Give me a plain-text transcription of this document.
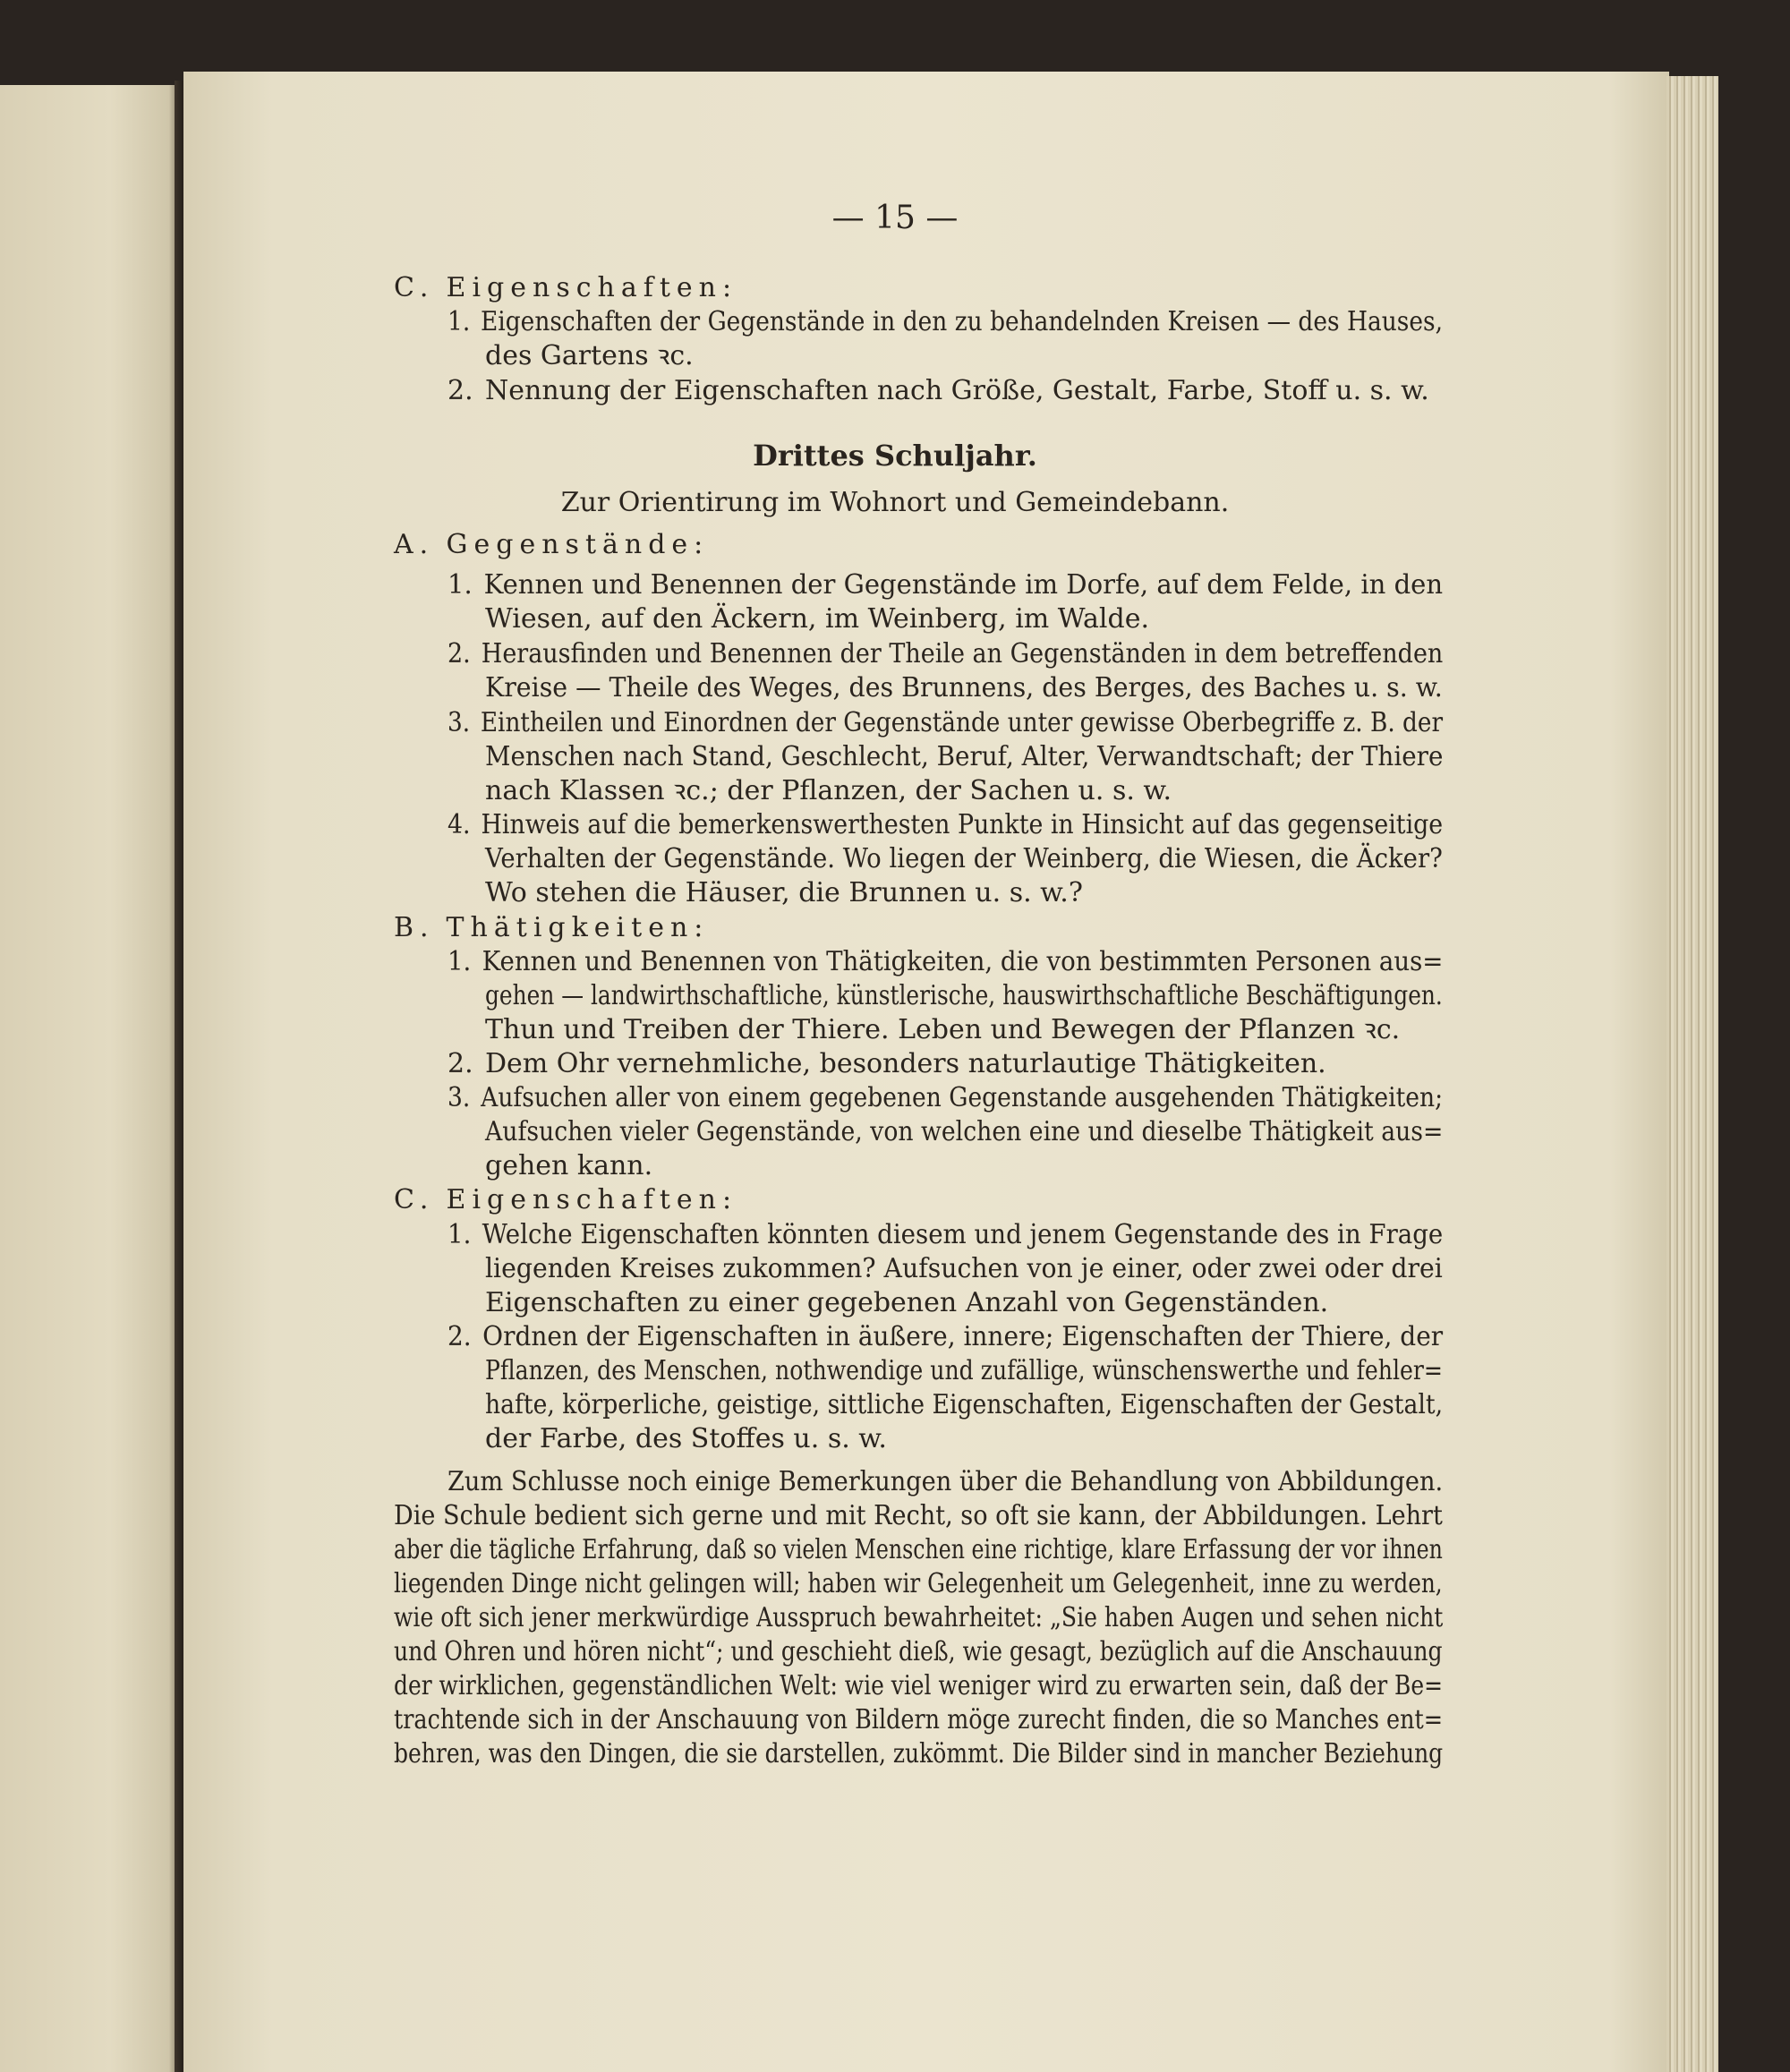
— 15 —
C. Eigenschaften:
1. Eigenschaften der Gegenstände in den zu behandelnden Kreisen — des Hauses,
des Gartens ꝛc.
2. Nennung der Eigenschaften nach Größe, Gestalt, Farbe, Stoff u. s. w.
Drittes Schuljahr.
Zur Orientirung im Wohnort und Gemeindebann.
A. Gegenstände:
1. Kennen und Benennen der Gegenstände im Dorfe, auf dem Felde, in den
Wiesen, auf den Äckern, im Weinberg, im Walde.
2. Herausfinden und Benennen der Theile an Gegenständen in dem betreffenden
Kreise — Theile des Weges, des Brunnens, des Berges, des Baches u. s. w.
3. Eintheilen und Einordnen der Gegenstände unter gewisse Oberbegriffe z. B. der
Menschen nach Stand, Geschlecht, Beruf, Alter, Verwandtschaft; der Thiere
nach Klassen ꝛc.; der Pflanzen, der Sachen u. s. w.
4. Hinweis auf die bemerkenswerthesten Punkte in Hinsicht auf das gegenseitige
Verhalten der Gegenstände. Wo liegen der Weinberg, die Wiesen, die Äcker?
Wo stehen die Häuser, die Brunnen u. s. w.?
B. Thätigkeiten:
1. Kennen und Benennen von Thätigkeiten, die von bestimmten Personen aus=
gehen — landwirthschaftliche, künstlerische, hauswirthschaftliche Beschäftigungen.
Thun und Treiben der Thiere. Leben und Bewegen der Pflanzen ꝛc.
2. Dem Ohr vernehmliche, besonders naturlautige Thätigkeiten.
3. Aufsuchen aller von einem gegebenen Gegenstande ausgehenden Thätigkeiten;
Aufsuchen vieler Gegenstände, von welchen eine und dieselbe Thätigkeit aus=
gehen kann.
C. Eigenschaften:
1. Welche Eigenschaften könnten diesem und jenem Gegenstande des in Frage
liegenden Kreises zukommen? Aufsuchen von je einer, oder zwei oder drei
Eigenschaften zu einer gegebenen Anzahl von Gegenständen.
2. Ordnen der Eigenschaften in äußere, innere; Eigenschaften der Thiere, der
Pflanzen, des Menschen, nothwendige und zufällige, wünschenswerthe und fehler=
hafte, körperliche, geistige, sittliche Eigenschaften, Eigenschaften der Gestalt,
der Farbe, des Stoffes u. s. w.
Zum Schlusse noch einige Bemerkungen über die Behandlung von Abbildungen.
Die Schule bedient sich gerne und mit Recht, so oft sie kann, der Abbildungen. Lehrt
aber die tägliche Erfahrung, daß so vielen Menschen eine richtige, klare Erfassung der vor ihnen
liegenden Dinge nicht gelingen will; haben wir Gelegenheit um Gelegenheit, inne zu werden,
wie oft sich jener merkwürdige Ausspruch bewahrheitet: „Sie haben Augen und sehen nicht
und Ohren und hören nicht“; und geschieht dieß, wie gesagt, bezüglich auf die Anschauung
der wirklichen, gegenständlichen Welt: wie viel weniger wird zu erwarten sein, daß der Be=
trachtende sich in der Anschauung von Bildern möge zurecht finden, die so Manches ent=
behren, was den Dingen, die sie darstellen, zukömmt. Die Bilder sind in mancher Beziehung
